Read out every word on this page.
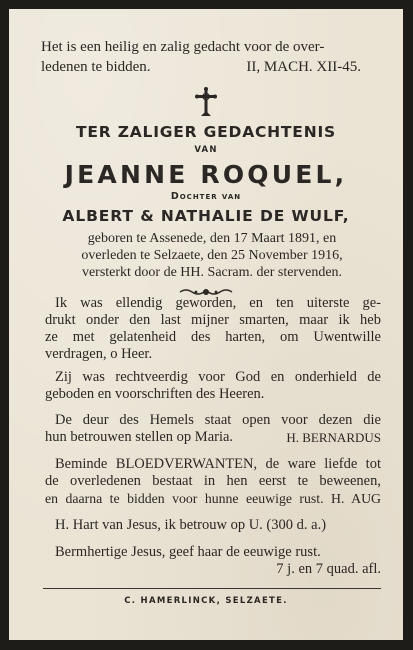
Het is een heilig en zalig gedacht voor de over-
ledenen te bidden.	II, MACH. XII-45.
TER ZALIGER GEDACHTENIS
VAN
JEANNE ROQUEL,
Dochter van
ALBERT & NATHALIE DE WULF,
geboren te Assenede, den 17 Maart 1891, en
overleden te Selzaete, den 25 November 1916,
versterkt door de HH. Sacram. der stervenden.
Ik was ellendig geworden, en ten uiterste ge-
drukt onder den last mijner smarten, maar ik heb
ze met gelatenheid des harten, om Uwentwille
verdragen, o Heer.
Zij was rechtveerdig voor God en onderhield de
geboden en voorschriften des Heeren.
De deur des Hemels staat open voor dezen die
hun betrouwen stellen op Maria.	H. BERNARDUS
Beminde BLOEDVERWANTEN, de ware liefde tot
de overledenen bestaat in hen eerst te beweenen,
en daarna te bidden voor hunne eeuwige rust. H. AUG
H. Hart van Jesus, ik betrouw op U. (300 d. a.)
Bermhertige Jesus, geef haar de eeuwige rust.
7 j. en 7 quad. afl.
C. HAMERLINCK, SELZAETE.
